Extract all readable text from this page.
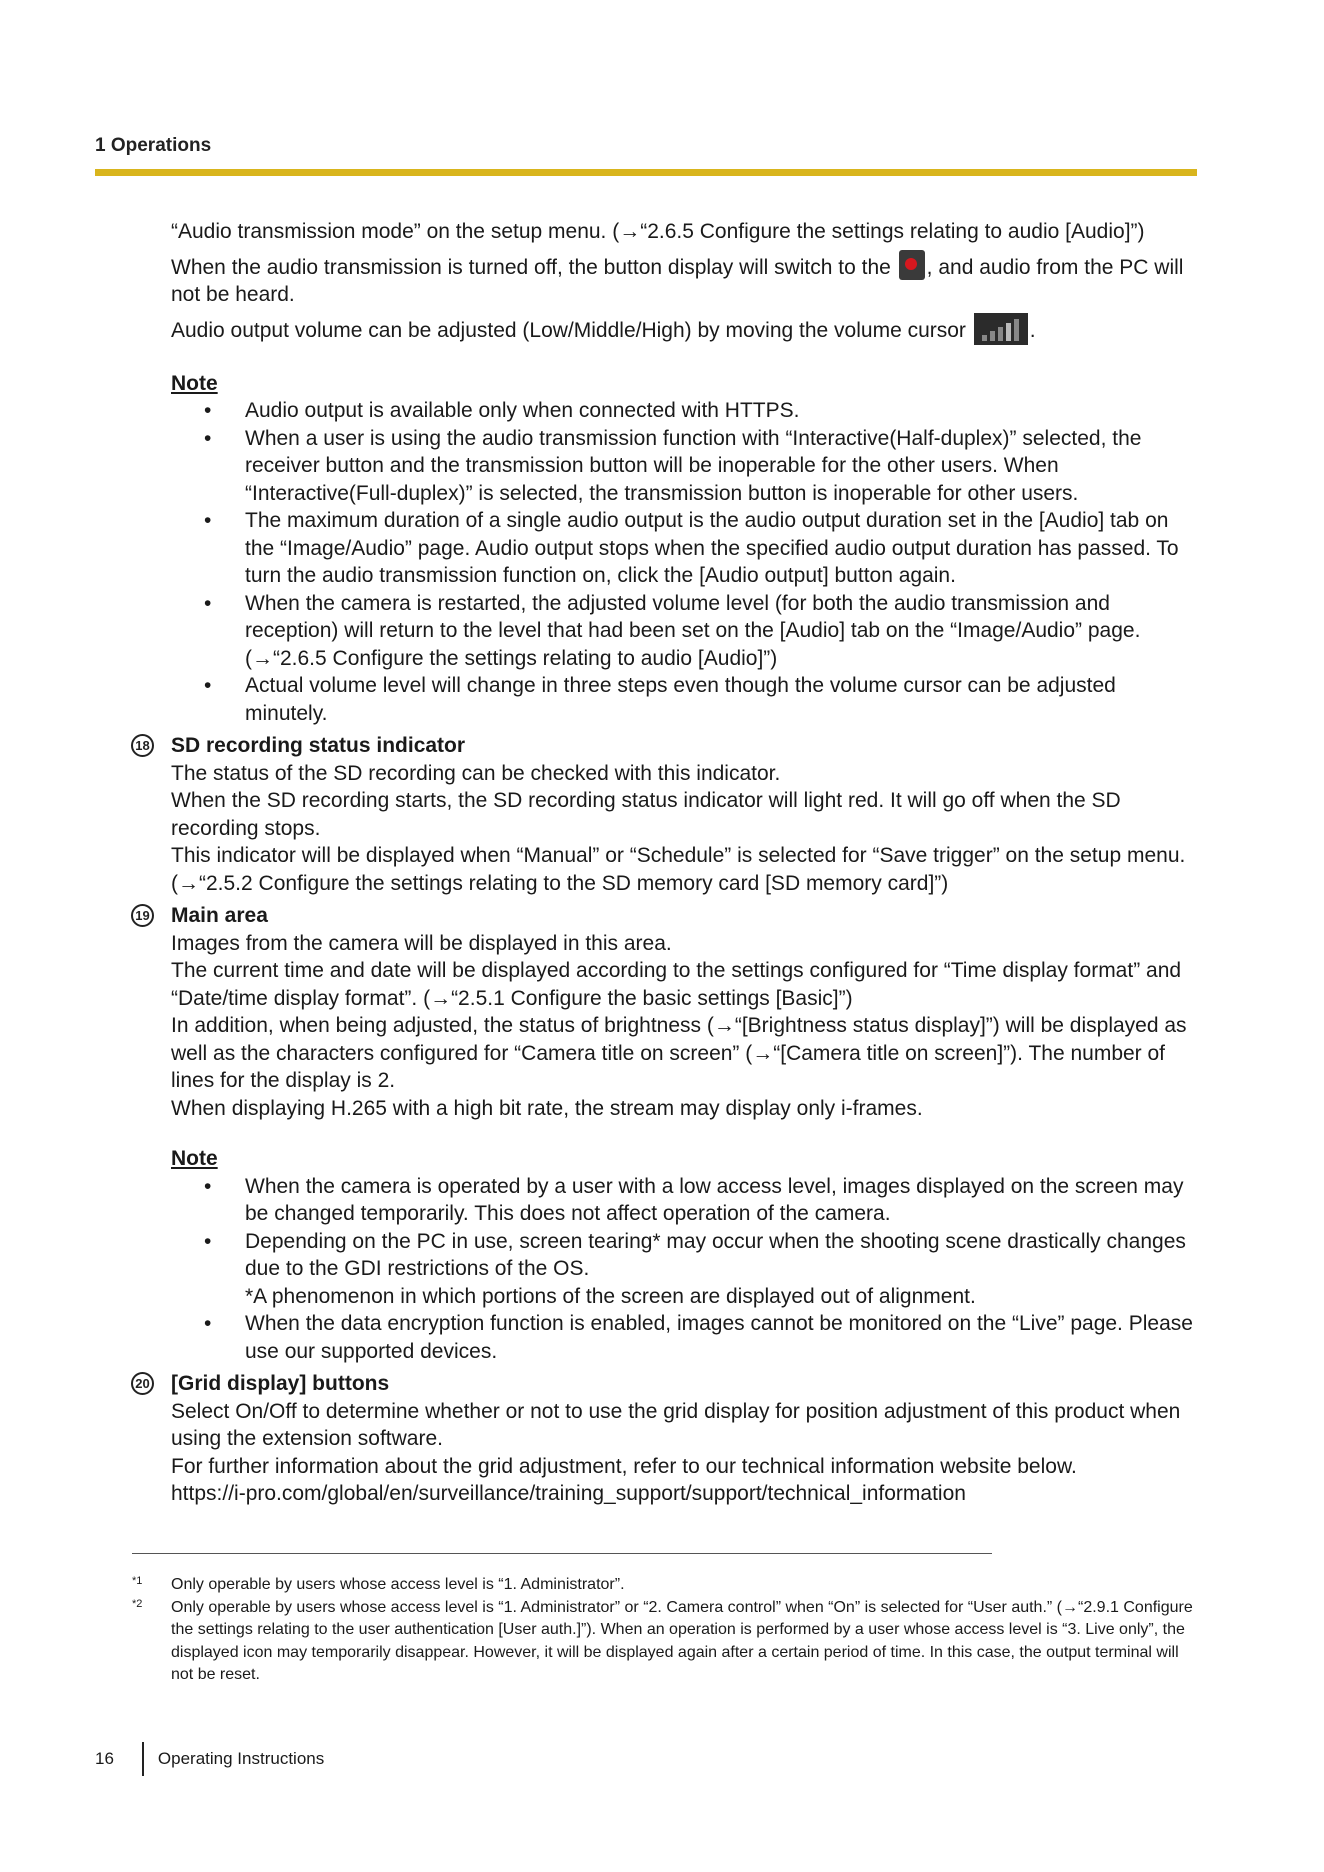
1 Operations

“Audio transmission mode” on the setup menu. (→“2.6.5 Configure the settings relating to audio [Audio]”)

When the audio transmission is turned off, the button display will switch to the , and audio from the PC will not be heard.

Audio output volume can be adjusted (Low/Middle/High) by moving the volume cursor	.

Note

• Audio output is available only when connected with HTTPS.
• When a user is using the audio transmission function with “Interactive(Half-duplex)” selected, the receiver button and the transmission button will be inoperable for the other users. When “Interactive(Full-duplex)” is selected, the transmission button is inoperable for other users.
• The maximum duration of a single audio output is the audio output duration set in the [Audio] tab on the “Image/Audio” page. Audio output stops when the specified audio output duration has passed. To turn the audio transmission function on, click the [Audio output] button again.
• When the camera is restarted, the adjusted volume level (for both the audio transmission and reception) will return to the level that had been set on the [Audio] tab on the “Image/Audio” page. (→“2.6.5 Configure the settings relating to audio [Audio]”)
• Actual volume level will change in three steps even though the volume cursor can be adjusted minutely.
18 SD recording status indicator

The status of the SD recording can be checked with this indicator.

When the SD recording starts, the SD recording status indicator will light red. It will go off when the SD recording stops.

This indicator will be displayed when “Manual” or “Schedule” is selected for “Save trigger” on the setup menu. (→“2.5.2 Configure the settings relating to the SD memory card [SD memory card]”)

19 Main area

Images from the camera will be displayed in this area.

The current time and date will be displayed according to the settings configured for “Time display format” and “Date/time display format”. (→“2.5.1 Configure the basic settings [Basic]”)

In addition, when being adjusted, the status of brightness (→“[Brightness status display]”) will be displayed as well as the characters configured for “Camera title on screen” (→“[Camera title on screen]”). The number of lines for the display is 2.

When displaying H.265 with a high bit rate, the stream may display only i-frames.

Note

• When the camera is operated by a user with a low access level, images displayed on the screen may be changed temporarily. This does not affect operation of the camera.
• Depending on the PC in use, screen tearing* may occur when the shooting scene drastically changes due to the GDI restrictions of the OS.
*A phenomenon in which portions of the screen are displayed out of alignment.
• When the data encryption function is enabled, images cannot be monitored on the “Live” page. Please use our supported devices.
20 [Grid display] buttons

Select On/Off to determine whether or not to use the grid display for position adjustment of this product when using the extension software.

For further information about the grid adjustment, refer to our technical information website below.

https://i-pro.com/global/en/surveillance/training_support/support/technical_information

*1 Only operable by users whose access level is “1. Administrator”.

*2 Only operable by users whose access level is “1. Administrator” or “2. Camera control” when “On” is selected for “User auth.” (→“2.9.1 Configure the settings relating to the user authentication [User auth.]”). When an operation is performed by a user whose access level is “3. Live only”, the displayed icon may temporarily disappear. However, it will be displayed again after a certain period of time. In this case, the output terminal will not be reset.

16	Operating Instructions
